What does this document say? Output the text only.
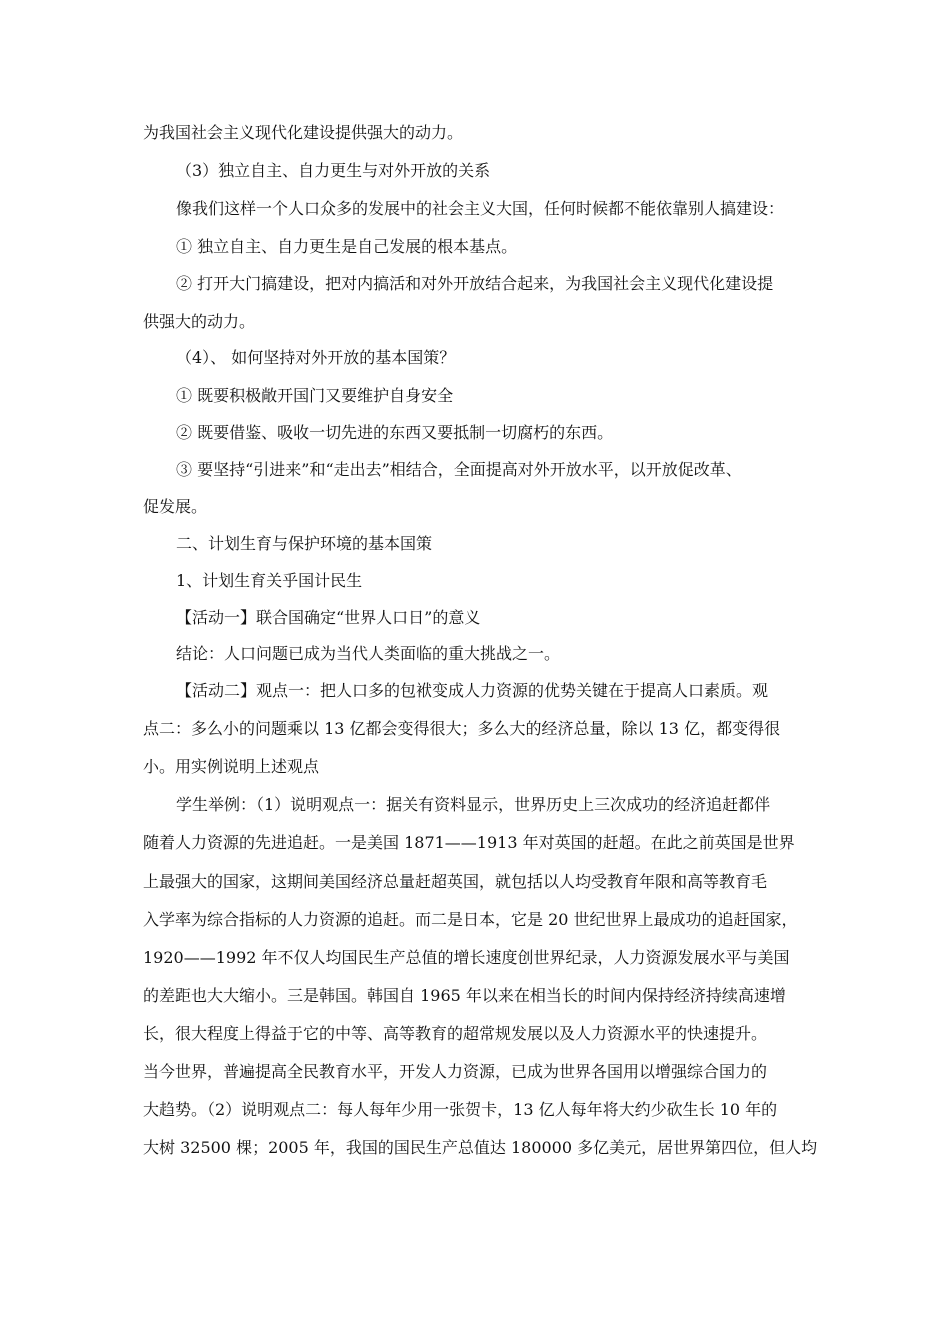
为我国社会主义现代化建设提供强大的动力。
（3）独立自主、自力更生与对外开放的关系
像我们这样一个人口众多的发展中的社会主义大国，任何时候都不能依靠别人搞建设：
① 独立自主、自力更生是自己发展的根本基点。
② 打开大门搞建设，把对内搞活和对外开放结合起来，为我国社会主义现代化建设提
供强大的动力。
（4）、 如何坚持对外开放的基本国策？
① 既要积极敞开国门又要维护自身安全
② 既要借鉴、吸收一切先进的东西又要抵制一切腐朽的东西。
③ 要坚持“引进来”和“走出去”相结合，全面提高对外开放水平，以开放促改革、
促发展。
二、计划生育与保护环境的基本国策
1、计划生育关乎国计民生
【活动一】联合国确定“世界人口日”的意义
结论：人口问题已成为当代人类面临的重大挑战之一。
【活动二】观点一：把人口多的包袱变成人力资源的优势关键在于提高人口素质。观
点二：多么小的问题乘以 13 亿都会变得很大；多么大的经济总量，除以 13 亿，都变得很
小。用实例说明上述观点
学生举例：（1）说明观点一：据关有资料显示，世界历史上三次成功的经济追赶都伴
随着人力资源的先进追赶。一是美国 1871——1913 年对英国的赶超。在此之前英国是世界
上最强大的国家，这期间美国经济总量赶超英国，就包括以人均受教育年限和高等教育毛
入学率为综合指标的人力资源的追赶。而二是日本，它是 20 世纪世界上最成功的追赶国家，
1920——1992 年不仅人均国民生产总值的增长速度创世界纪录，人力资源发展水平与美国
的差距也大大缩小。三是韩国。韩国自 1965 年以来在相当长的时间内保持经济持续高速增
长，很大程度上得益于它的中等、高等教育的超常规发展以及人力资源水平的快速提升。
当今世界，普遍提高全民教育水平，开发人力资源，已成为世界各国用以增强综合国力的
大趋势。（2）说明观点二：每人每年少用一张贺卡，13 亿人每年将大约少砍生长 10 年的
大树 32500 棵；2005 年，我国的国民生产总值达 180000 多亿美元，居世界第四位，但人均
